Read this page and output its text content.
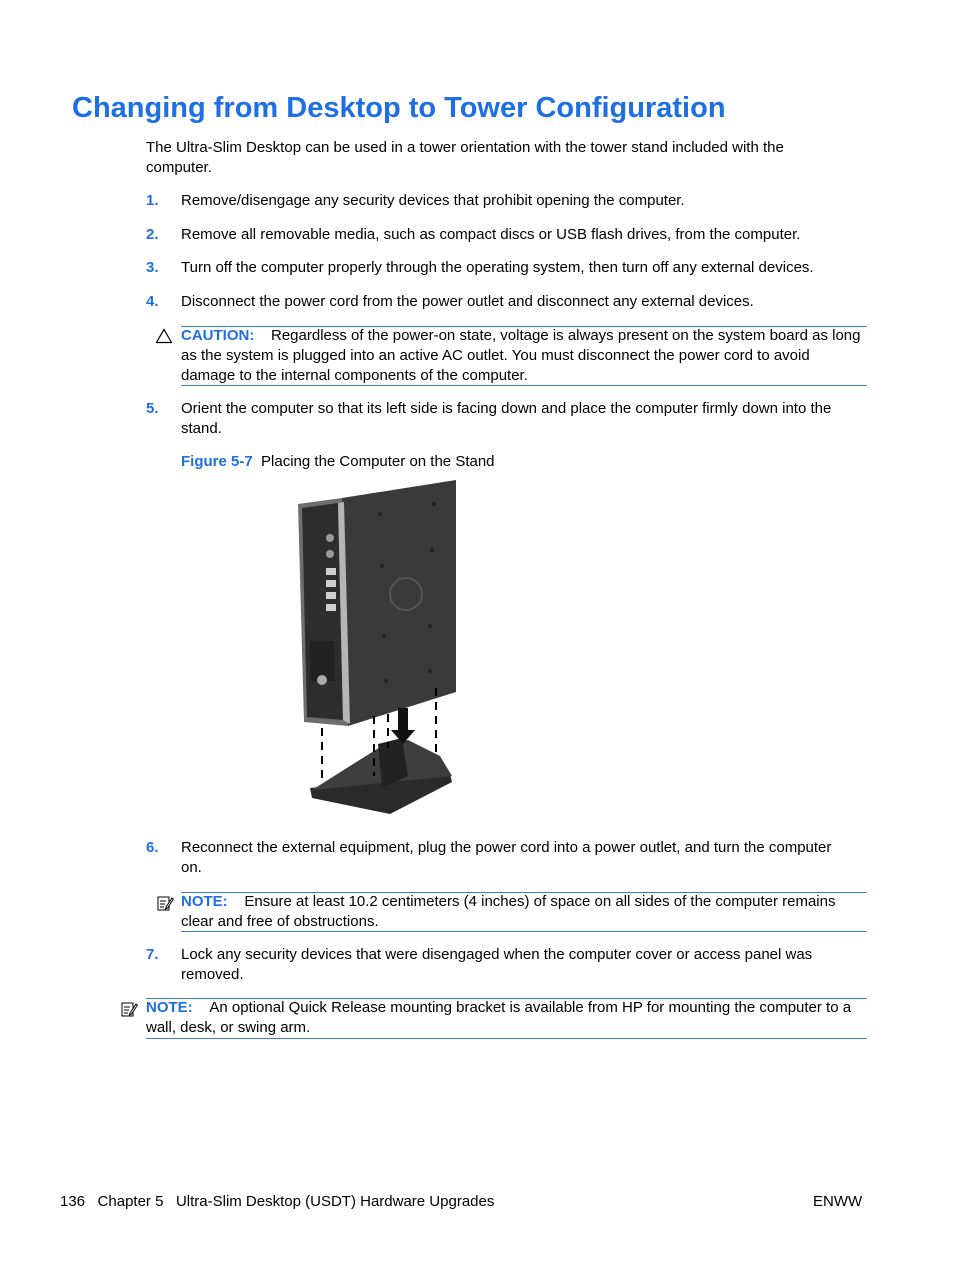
Changing from Desktop to Tower Configuration

The Ultra-Slim Desktop can be used in a tower orientation with the tower stand included with the computer.

1. Remove/disengage any security devices that prohibit opening the computer.

2. Remove all removable media, such as compact discs or USB flash drives, from the computer.

3. Turn off the computer properly through the operating system, then turn off any external devices.

4. Disconnect the power cord from the power outlet and disconnect any external devices.

CAUTION: Regardless of the power-on state, voltage is always present on the system board as long as the system is plugged into an active AC outlet. You must disconnect the power cord to avoid damage to the internal components of the computer.

5. Orient the computer so that its left side is facing down and place the computer firmly down into the stand.

Figure 5-7 Placing the Computer on the Stand

6. Reconnect the external equipment, plug the power cord into a power outlet, and turn the computer on.

NOTE: Ensure at least 10.2 centimeters (4 inches) of space on all sides of the computer remains clear and free of obstructions.

7. Lock any security devices that were disengaged when the computer cover or access panel was removed.

NOTE: An optional Quick Release mounting bracket is available from HP for mounting the computer to a wall, desk, or swing arm.

136 Chapter 5 Ultra-Slim Desktop (USDT) Hardware Upgrades	ENWW
